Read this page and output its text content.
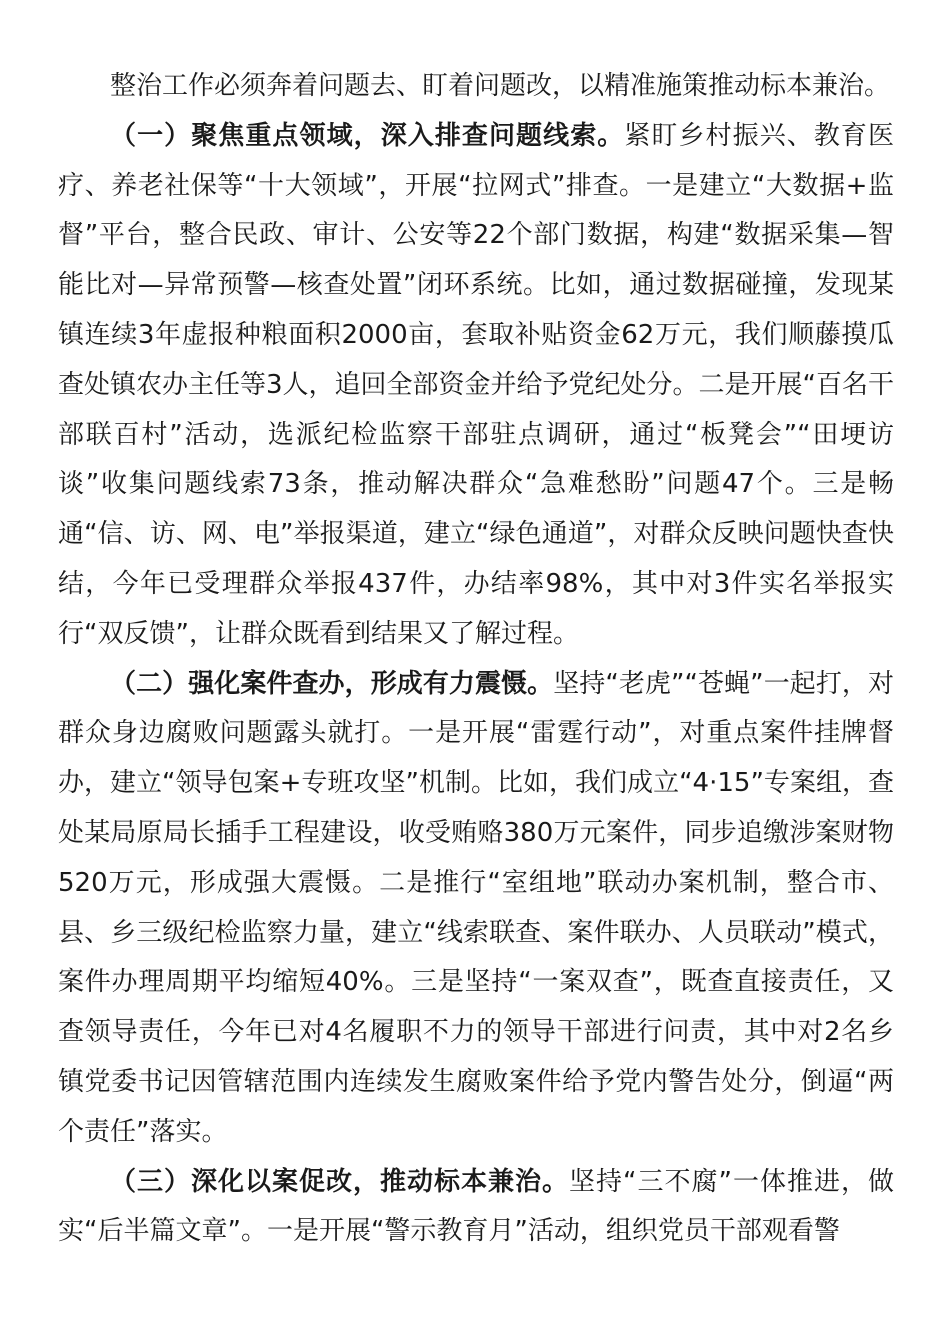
整治工作必须奔着问题去、盯着问题改，以精准施策推动标本兼治。

（一）聚焦重点领域，深入排查问题线索。紧盯乡村振兴、教育医疗、养老社保等“十大领域”，开展“拉网式”排查。一是建立“大数据+监督”平台，整合民政、审计、公安等22个部门数据，构建“数据采集—智能比对—异常预警—核查处置”闭环系统。比如，通过数据碰撞，发现某镇连续3年虚报种粮面积2000亩，套取补贴资金62万元，我们顺藤摸瓜查处镇农办主任等3人，追回全部资金并给予党纪处分。二是开展“百名干部联百村”活动，选派纪检监察干部驻点调研，通过“板凳会”“田埂访谈”收集问题线索73条，推动解决群众“急难愁盼”问题47个。三是畅通“信、访、网、电”举报渠道，建立“绿色通道”，对群众反映问题快查快结，今年已受理群众举报437件，办结率98%，其中对3件实名举报实行“双反馈”，让群众既看到结果又了解过程。

（二）强化案件查办，形成有力震慑。坚持“老虎”“苍蝇”一起打，对群众身边腐败问题露头就打。一是开展“雷霆行动”，对重点案件挂牌督办，建立“领导包案+专班攻坚”机制。比如，我们成立“4·15”专案组，查处某局原局长插手工程建设，收受贿赂380万元案件，同步追缴涉案财物520万元，形成强大震慑。二是推行“室组地”联动办案机制，整合市、县、乡三级纪检监察力量，建立“线索联查、案件联办、人员联动”模式，案件办理周期平均缩短40%。三是坚持“一案双查”，既查直接责任，又查领导责任，今年已对4名履职不力的领导干部进行问责，其中对2名乡镇党委书记因管辖范围内连续发生腐败案件给予党内警告处分，倒逼“两个责任”落实。

（三）深化以案促改，推动标本兼治。坚持“三不腐”一体推进，做实“后半篇文章”。一是开展“警示教育月”活动，组织党员干部观看警
